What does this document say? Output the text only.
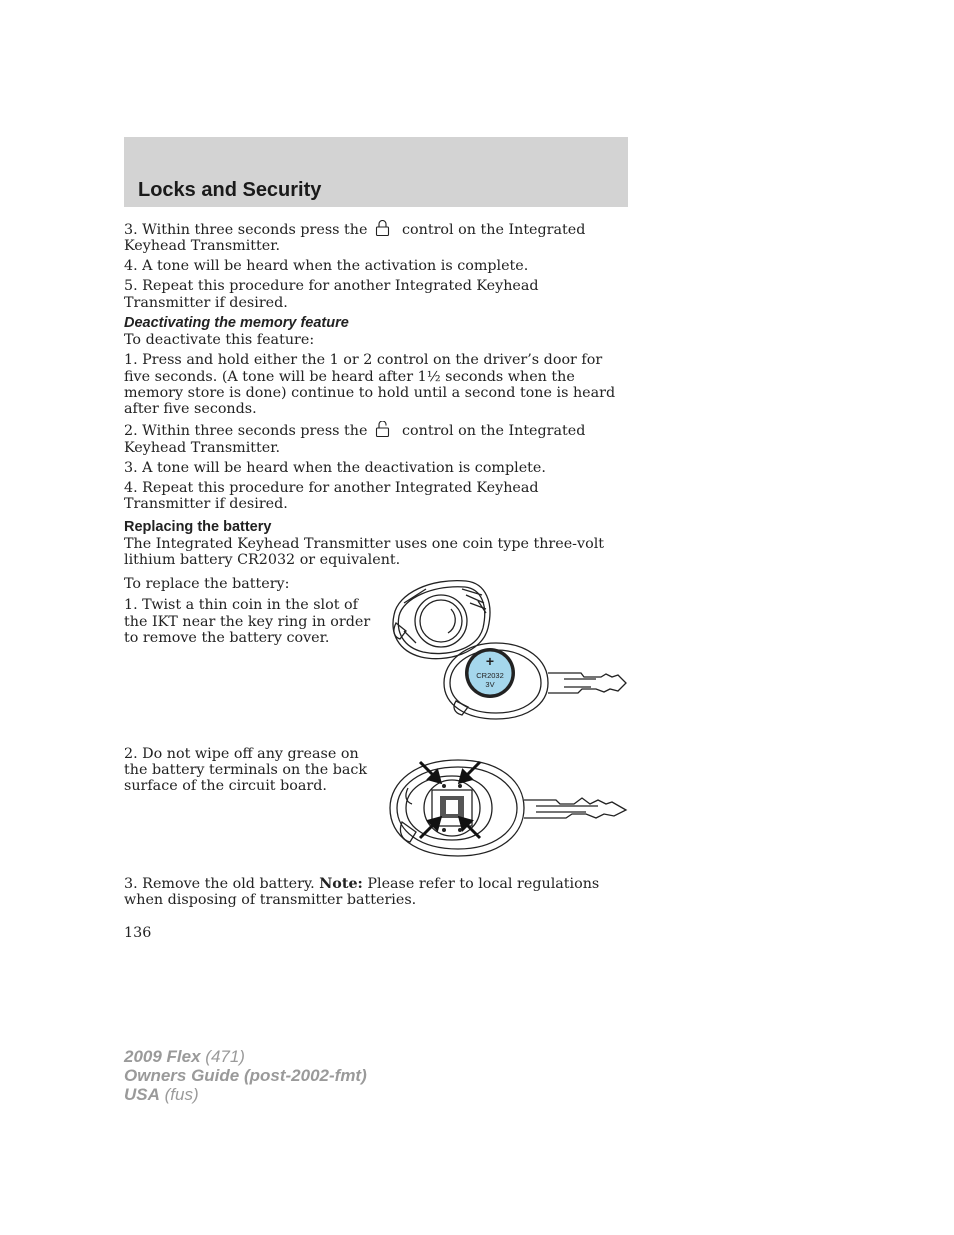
Locks and Security

3. Within three seconds press the control on the Integrated Keyhead Transmitter.

4. A tone will be heard when the activation is complete.

5. Repeat this procedure for another Integrated Keyhead Transmitter if desired.

Deactivating the memory feature

To deactivate this feature:

1. Press and hold either the 1 or 2 control on the driver’s door for five seconds. (A tone will be heard after 1½ seconds when the memory store is done) continue to hold until a second tone is heard after five seconds.

2. Within three seconds press the control on the Integrated Keyhead Transmitter.

3. A tone will be heard when the deactivation is complete.

4. Repeat this procedure for another Integrated Keyhead Transmitter if desired.

Replacing the battery

The Integrated Keyhead Transmitter uses one coin type three-volt lithium battery CR2032 or equivalent.

To replace the battery:

1. Twist a thin coin in the slot of the IKT near the key ring in order to remove the battery cover.

2. Do not wipe off any grease on the battery terminals on the back surface of the circuit board.

3. Remove the old battery. Note: Please refer to local regulations when disposing of transmitter batteries.

+
CR2032
3V
136
2009 Flex (471)
Owners Guide (post-2002-fmt)
USA (fus)
